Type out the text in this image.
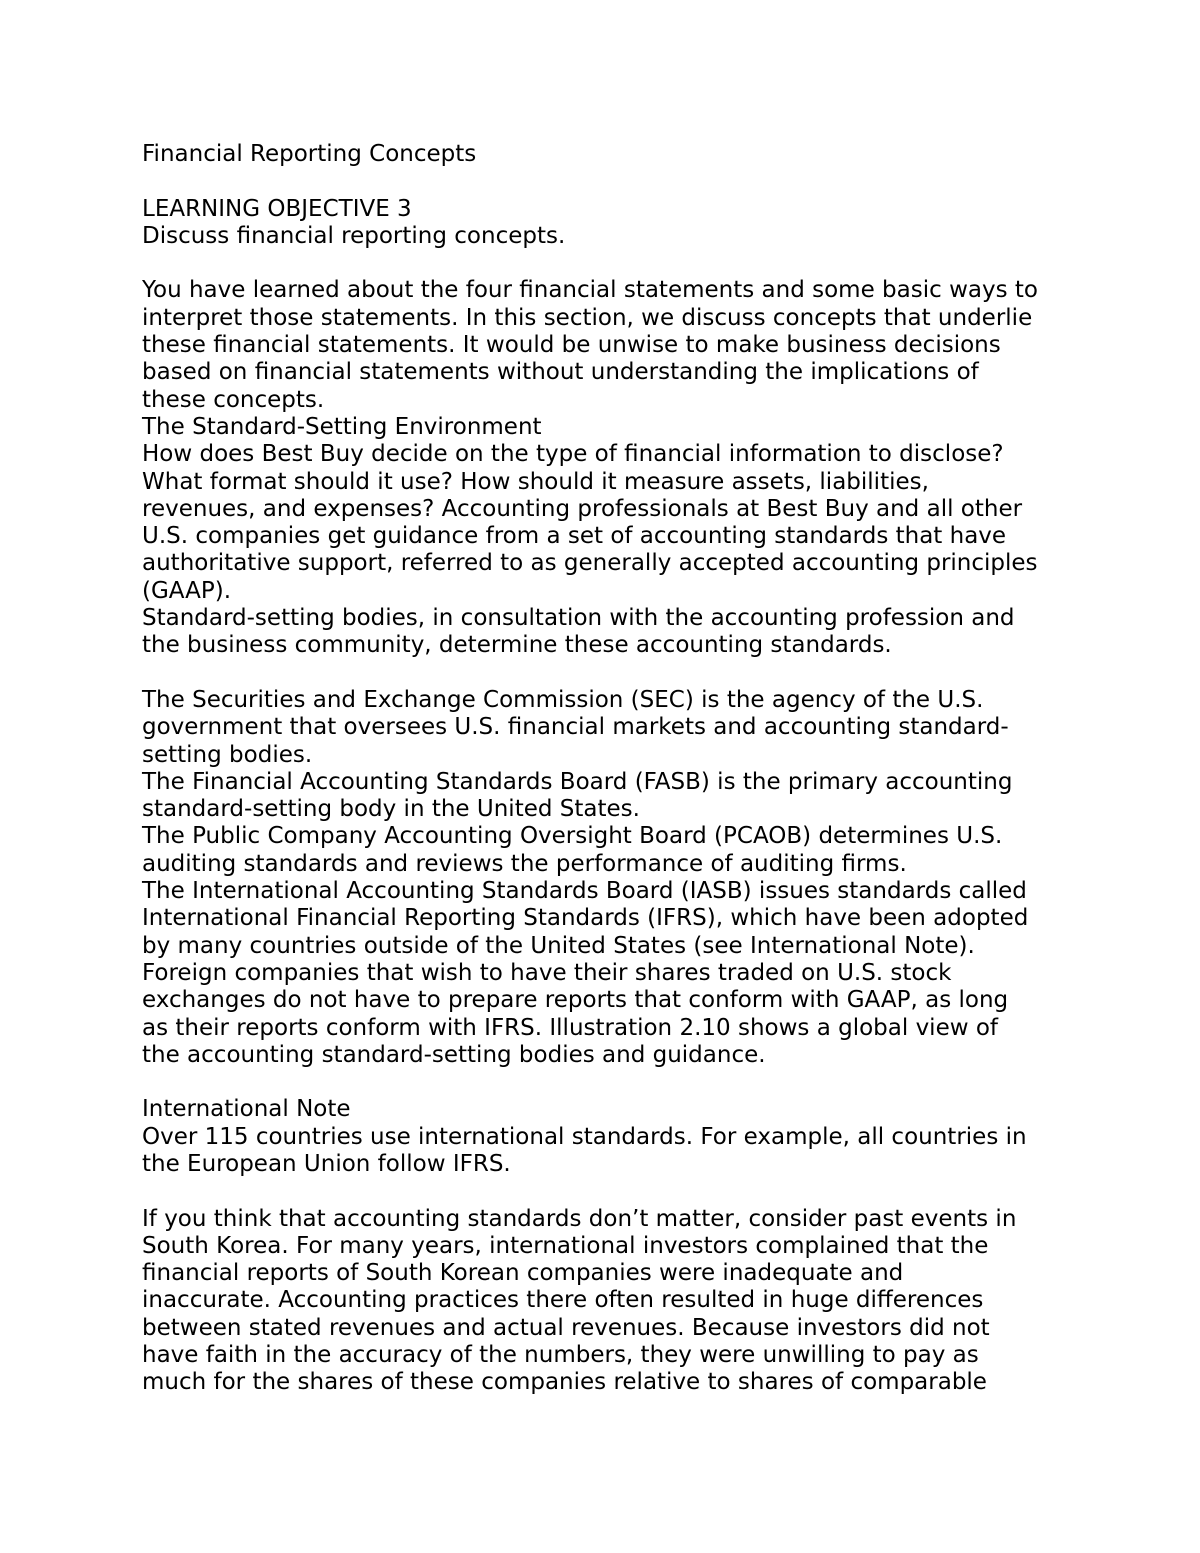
Financial Reporting Concepts
LEARNING OBJECTIVE 3
Discuss financial reporting concepts.
You have learned about the four financial statements and some basic ways to
interpret those statements. In this section, we discuss concepts that underlie
these financial statements. It would be unwise to make business decisions
based on financial statements without understanding the implications of
these concepts.
The Standard-Setting Environment
How does Best Buy decide on the type of financial information to disclose?
What format should it use? How should it measure assets, liabilities,
revenues, and expenses? Accounting professionals at Best Buy and all other
U.S. companies get guidance from a set of accounting standards that have
authoritative support, referred to as generally accepted accounting principles
(GAAP).
Standard-setting bodies, in consultation with the accounting profession and
the business community, determine these accounting standards.
The Securities and Exchange Commission (SEC) is the agency of the U.S.
government that oversees U.S. financial markets and accounting standard-
setting bodies.
The Financial Accounting Standards Board (FASB) is the primary accounting
standard-setting body in the United States.
The Public Company Accounting Oversight Board (PCAOB) determines U.S.
auditing standards and reviews the performance of auditing firms.
The International Accounting Standards Board (IASB) issues standards called
International Financial Reporting Standards (IFRS), which have been adopted
by many countries outside of the United States (see International Note).
Foreign companies that wish to have their shares traded on U.S. stock
exchanges do not have to prepare reports that conform with GAAP, as long
as their reports conform with IFRS. Illustration 2.10 shows a global view of
the accounting standard-setting bodies and guidance.
International Note
Over 115 countries use international standards. For example, all countries in
the European Union follow IFRS.
If you think that accounting standards don’t matter, consider past events in
South Korea. For many years, international investors complained that the
financial reports of South Korean companies were inadequate and
inaccurate. Accounting practices there often resulted in huge differences
between stated revenues and actual revenues. Because investors did not
have faith in the accuracy of the numbers, they were unwilling to pay as
much for the shares of these companies relative to shares of comparable
